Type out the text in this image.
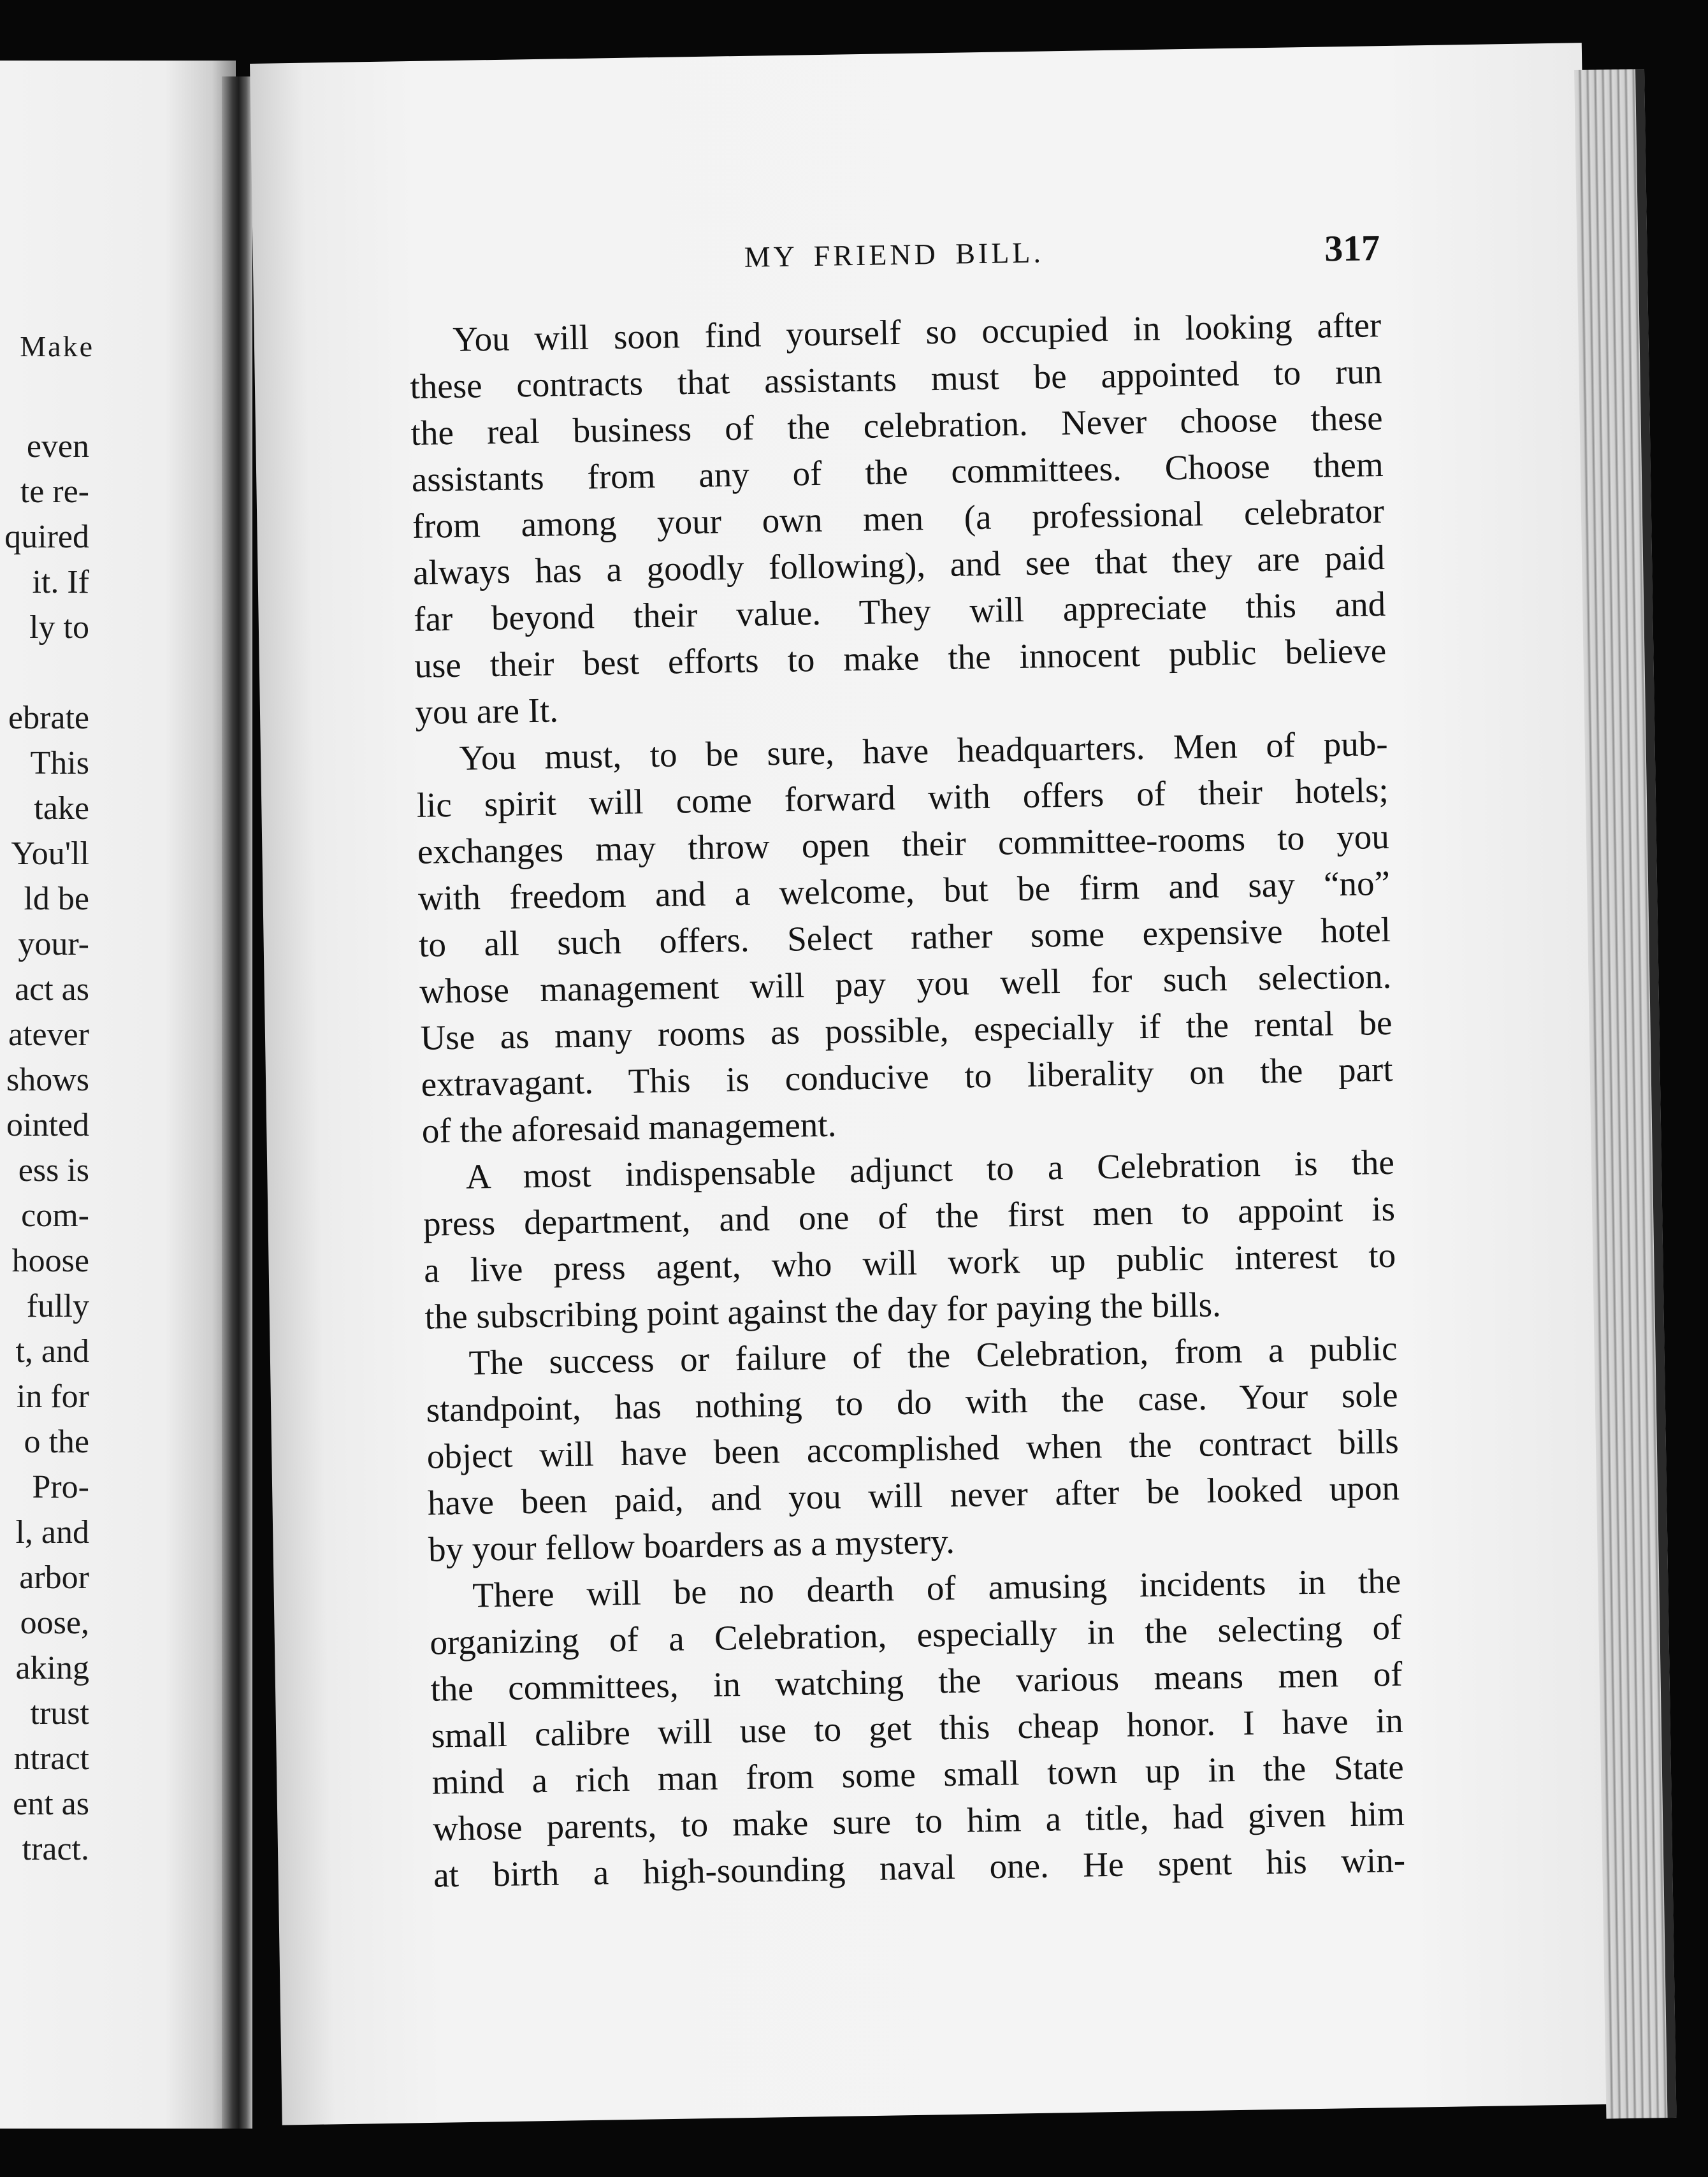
Make
even
te re-
quired
it. If
ly to
ebrate
This
take
You'll
ld be
your-
act as
atever
shows
ointed
ess is
com-
hoose
fully
t, and
in for
o the
Pro-
l, and
arbor
oose,
aking
trust
ntract
ent as
tract.
MY FRIEND BILL.	317
You will soon find yourself so occupied in looking after
these contracts that assistants must be appointed to run
the real business of the celebration. Never choose these
assistants from any of the committees. Choose them
from among your own men (a professional celebrator
always has a goodly following), and see that they are paid
far beyond their value. They will appreciate this and
use their best efforts to make the innocent public believe
you are It.
You must, to be sure, have headquarters. Men of pub-
lic spirit will come forward with offers of their hotels;
exchanges may throw open their committee-rooms to you
with freedom and a welcome, but be firm and say “no”
to all such offers. Select rather some expensive hotel
whose management will pay you well for such selection.
Use as many rooms as possible, especially if the rental be
extravagant. This is conducive to liberality on the part
of the aforesaid management.
A most indispensable adjunct to a Celebration is the
press department, and one of the first men to appoint is
a live press agent, who will work up public interest to
the subscribing point against the day for paying the bills.
The success or failure of the Celebration, from a public
standpoint, has nothing to do with the case. Your sole
object will have been accomplished when the contract bills
have been paid, and you will never after be looked upon
by your fellow boarders as a mystery.
There will be no dearth of amusing incidents in the
organizing of a Celebration, especially in the selecting of
the committees, in watching the various means men of
small calibre will use to get this cheap honor. I have in
mind a rich man from some small town up in the State
whose parents, to make sure to him a title, had given him
at birth a high-sounding naval one. He spent his win-
